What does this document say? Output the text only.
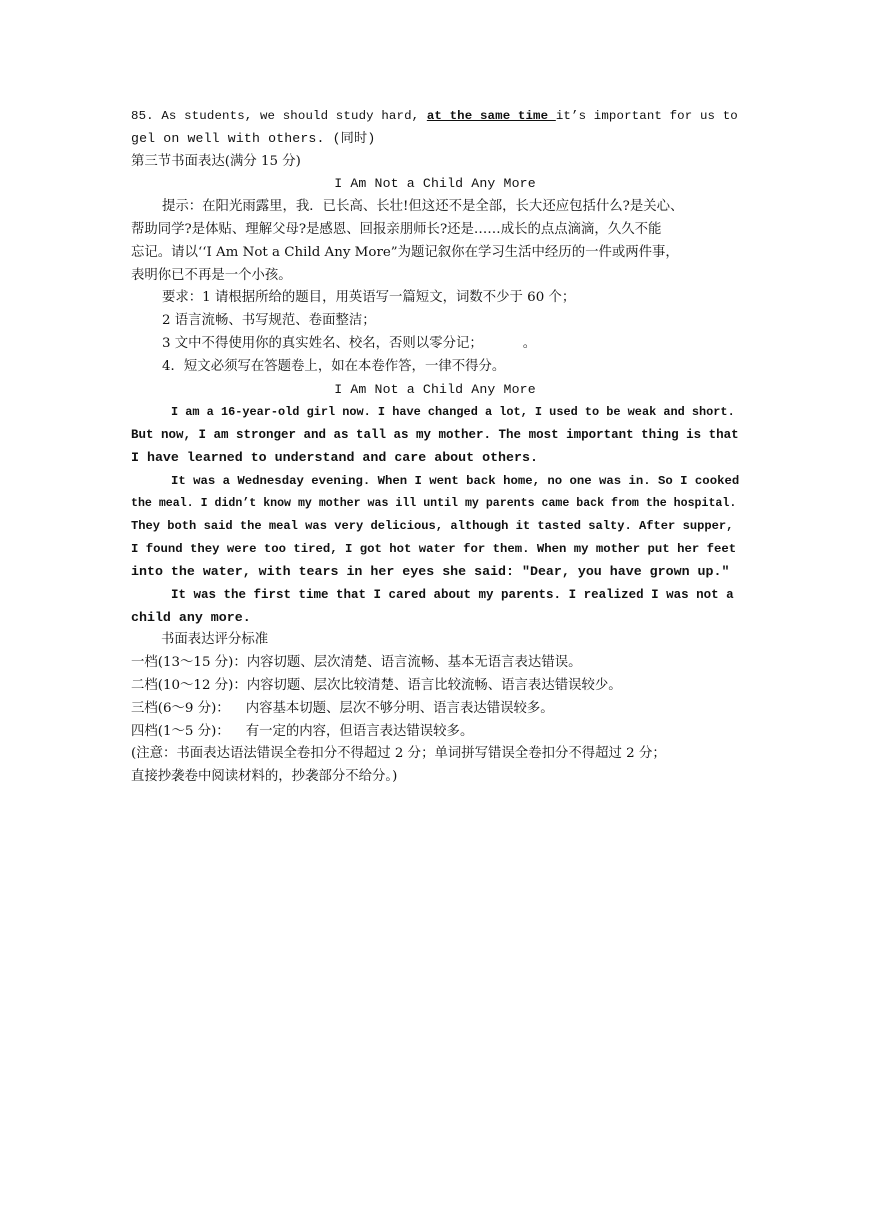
85. As students, we should study hard, at the same time it’s important for us to
gel on well with others. (同时)
第三节书面表达(满分 15 分)
I Am Not a Child Any More
提示：在阳光雨露里，我．已长高、长壮!但这还不是全部，长大还应包括什么?是关心、
帮助同学?是体贴、理解父母?是感恩、回报亲朋师长?还是……成长的点点滴滴，久久不能
忘记。请以‘‘I Am Not a Child Any More”为题记叙你在学习生活中经历的一件或两件事，
表明你已不再是一个小孩。
要求：1 请根据所给的题目，用英语写一篇短文，词数不少于 60 个；
2 语言流畅、书写规范、卷面整洁；
3 文中不得使用你的真实姓名、校名，否则以零分记；	。
4．短文必须写在答题卷上，如在本卷作答，一律不得分。
I Am Not a Child Any More
I am a 16-year-old girl now. I have changed a lot, I used to be weak and short.
But now, I am stronger and as tall as my mother. The most important thing is that
I have learned to understand and care about others.
It was a Wednesday evening. When I went back home, no one was in. So I cooked
the meal. I didn’t know my mother was ill until my parents came back from the hospital.
They both said the meal was very delicious, although it tasted salty. After supper,
I found they were too tired, I got hot water for them. When my mother put her feet
into the water, with tears in her eyes she said: ″Dear, you have grown up.″
It was the first time that I cared about my parents. I realized I was not a
child any more.
书面表达评分标准
一档(13～15 分)：内容切题、层次清楚、语言流畅、基本无语言表达错误。
二档(10～12 分)：内容切题、层次比较清楚、语言比较流畅、语言表达错误较少。
三档(6～9 分)： 内容基本切题、层次不够分明、语言表达错误较多。
四档(1～5 分)： 有一定的内容，但语言表达错误较多。
(注意：书面表达语法错误全卷扣分不得超过 2 分；单词拼写错误全卷扣分不得超过 2 分；
直接抄袭卷中阅读材料的，抄袭部分不给分。)
